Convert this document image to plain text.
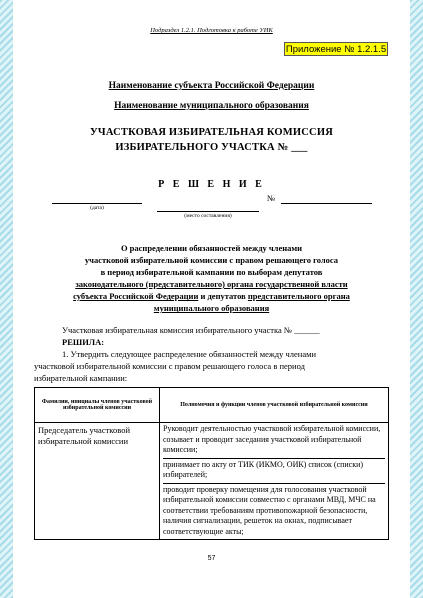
Подраздел 1.2.1. Подготовка к работе УИК
Приложение № 1.2.1.5
Наименование субъекта Российской Федерации
Наименование муниципального образования
УЧАСТКОВАЯ ИЗБИРАТЕЛЬНАЯ КОМИССИЯ
ИЗБИРАТЕЛЬНОГО УЧАСТКА № ___
Р Е Ш Е Н И Е
(дата)
№
(место составления)
О распределении обязанностей между членами
участковой избирательной комиссии с правом решающего голоса
в период избирательной кампании по выборам депутатов
законодательного (представительного) органа государственной власти
субъекта Российской Федерации и депутатов представительного органа
муниципального образования
Участковая избирательная комиссия избирательного участка № ______
РЕШИЛА:
1. Утвердить следующее распределение обязанностей между членами
участковой избирательной комиссии с правом решающего голоса в период
избирательной кампании:
Фамилии, инициалы членов участковой избирательной комиссии	Полномочия и функции членов участковой избирательной комиссии
Председатель участковой избирательной комиссии	Руководит деятельностью участковой избирательной комиссии, созывает и проводит заседания участковой избирательной комиссии;
принимает по акту от ТИК (ИКМО, ОИК) список (списки) избирателей;
проводит проверку помещения для голосования участковой избирательной комиссии совместно с органами МВД, МЧС на соответствии требованиям противопожарной безопасности, наличия сигнализации, решеток на окнах, подписывает соответствующие акты;
57
